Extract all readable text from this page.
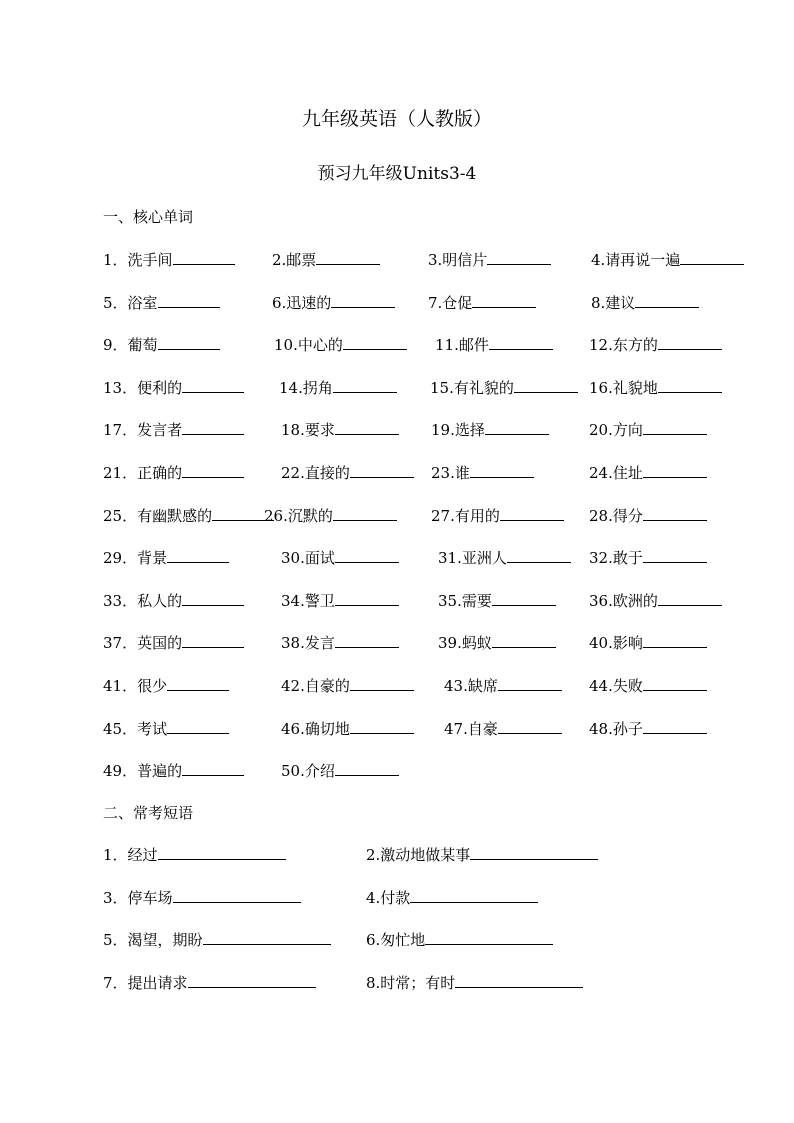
九年级英语（人教版）
预习九年级Units3-4
一、核心单词
1．洗手间	2.邮票	3.明信片	4.请再说一遍
5．浴室	6.迅速的	7.仓促	8.建议
9．葡萄	10.中心的	11.邮件	12.东方的
13．便利的	14.拐角	15.有礼貌的	16.礼貌地
17．发言者	18.要求	19.选择	20.方向
21．正确的	22.直接的	23.谁	24.住址
25．有幽默感的	26.沉默的	27.有用的	28.得分
29．背景	30.面试	31.亚洲人	32.敢于
33．私人的	34.警卫	35.需要	36.欧洲的
37．英国的	38.发言	39.蚂蚁	40.影响
41．很少	42.自豪的	43.缺席	44.失败
45．考试	46.确切地	47.自豪	48.孙子
49．普遍的	50.介绍
二、常考短语
1．经过	2.激动地做某事
3．停车场	4.付款
5．渴望，期盼	6.匆忙地
7．提出请求	8.时常；有时
